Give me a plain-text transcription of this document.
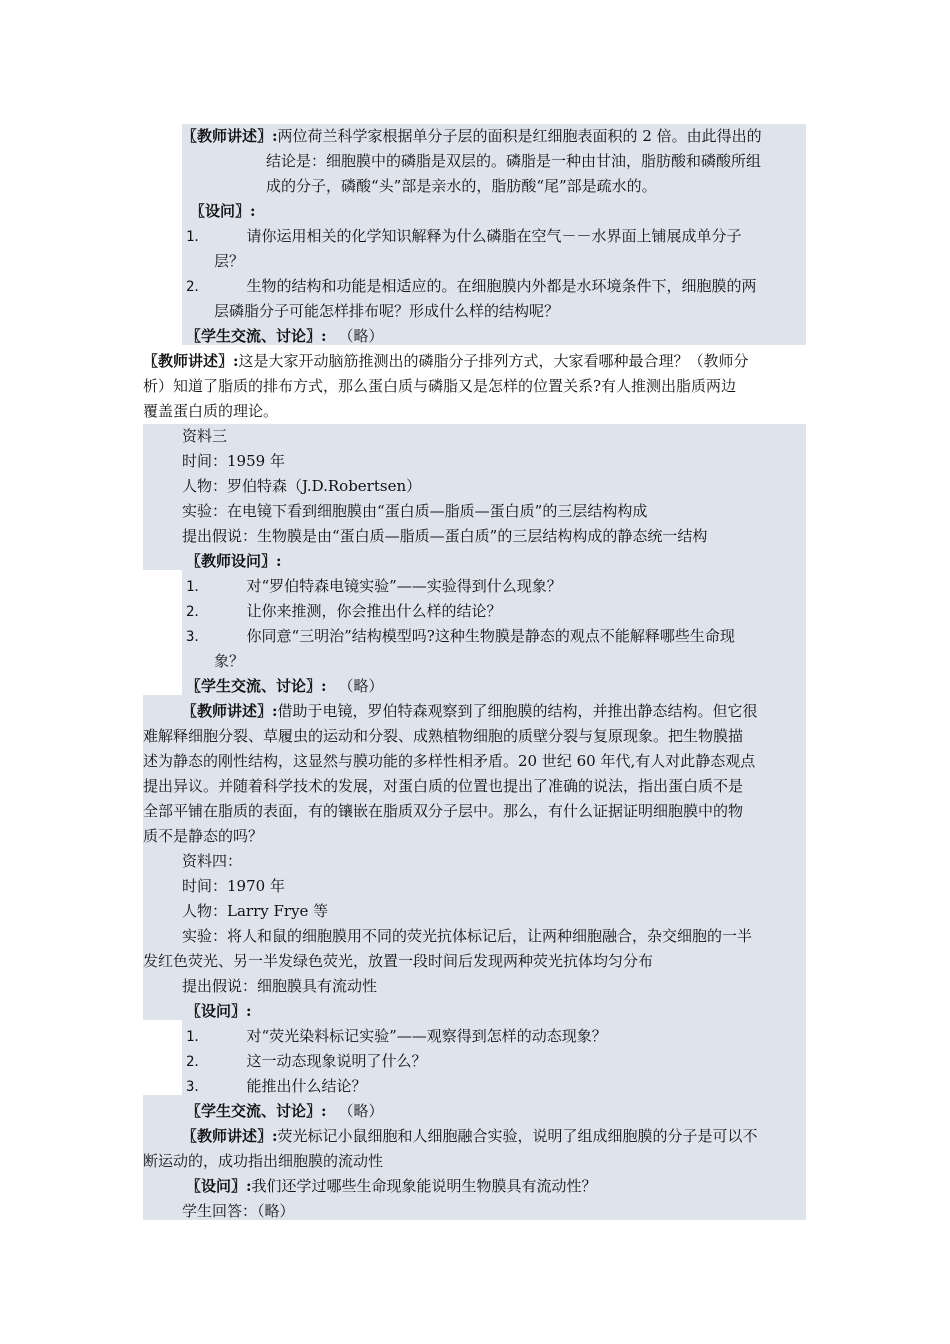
〖教师讲述〗:两位荷兰科学家根据单分子层的面积是红细胞表面积的 2 倍。由此得出的
结论是：细胞膜中的磷脂是双层的。磷脂是一种由甘油，脂肪酸和磷酸所组
成的分子，磷酸“头”部是亲水的，脂肪酸“尾”部是疏水的。
〖设问〗:
1．	请你运用相关的化学知识解释为什么磷脂在空气－－水界面上铺展成单分子
层？
2．	生物的结构和功能是相适应的。在细胞膜内外都是水环境条件下，细胞膜的两
层磷脂分子可能怎样排布呢？形成什么样的结构呢？
〖学生交流、讨论〗: （略）
〖教师讲述〗:这是大家开动脑筋推测出的磷脂分子排列方式，大家看哪种最合理？（教师分
析）知道了脂质的排布方式，那么蛋白质与磷脂又是怎样的位置关系?有人推测出脂质两边
覆盖蛋白质的理论。
资料三
时间：1959 年
人物：罗伯特森（J.D.Robertsen）
实验：在电镜下看到细胞膜由“蛋白质—脂质—蛋白质”的三层结构构成
提出假说：生物膜是由“蛋白质—脂质—蛋白质”的三层结构构成的静态统一结构
〖教师设问〗:
1．	对“罗伯特森电镜实验”——实验得到什么现象？
2．	让你来推测，你会推出什么样的结论？
3．	你同意“三明治”结构模型吗?这种生物膜是静态的观点不能解释哪些生命现
象？
〖学生交流、讨论〗: （略）
〖教师讲述〗:借助于电镜，罗伯特森观察到了细胞膜的结构，并推出静态结构。但它很
难解释细胞分裂、草履虫的运动和分裂、成熟植物细胞的质壁分裂与复原现象。把生物膜描
述为静态的刚性结构，这显然与膜功能的多样性相矛盾。20 世纪 60 年代,有人对此静态观点
提出异议。并随着科学技术的发展，对蛋白质的位置也提出了准确的说法，指出蛋白质不是
全部平铺在脂质的表面，有的镶嵌在脂质双分子层中。那么，有什么证据证明细胞膜中的物
质不是静态的吗？
资料四：
时间：1970 年
人物：Larry Frye 等
实验：将人和鼠的细胞膜用不同的荧光抗体标记后，让两种细胞融合，杂交细胞的一半
发红色荧光、另一半发绿色荧光，放置一段时间后发现两种荧光抗体均匀分布
提出假说：细胞膜具有流动性
〖设问〗:
1．	对“荧光染料标记实验”——观察得到怎样的动态现象？
2．	这一动态现象说明了什么？
3．	能推出什么结论？
〖学生交流、讨论〗: （略）
〖教师讲述〗:荧光标记小鼠细胞和人细胞融合实验，说明了组成细胞膜的分子是可以不
断运动的，成功指出细胞膜的流动性
〖设问〗:我们还学过哪些生命现象能说明生物膜具有流动性？
学生回答：（略）
